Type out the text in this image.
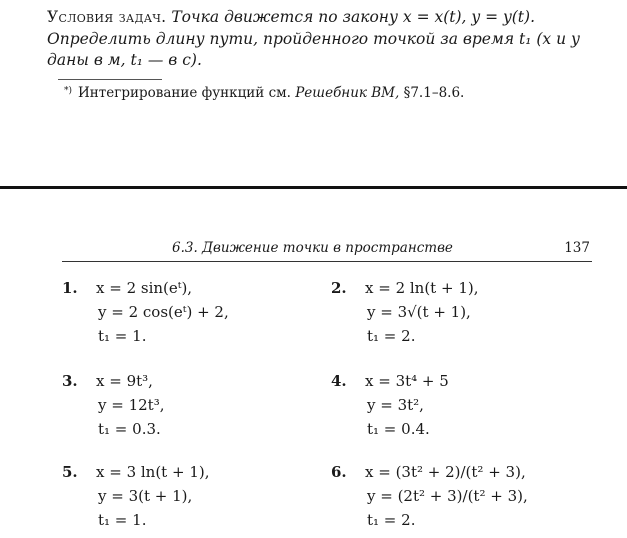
Условия задач. Точка движется по закону x = x(t), y = y(t). Определить длину пути, пройденного точкой за время t₁ (x и y даны в м, t₁ — в с).
*) Интегрирование функций см. Решебник ВМ, §7.1–8.6.
6.3. Движение точки в пространстве	137
1. x = 2 sin(eᵗ),
y = 2 cos(eᵗ) + 2,
t₁ = 1.
2. x = 2 ln(t + 1),
y = 3√(t + 1),
t₁ = 2.
3. x = 9t³,
y = 12t³,
t₁ = 0.3.
4. x = 3t⁴ + 5
y = 3t²,
t₁ = 0.4.
5. x = 3 ln(t + 1),
y = 3(t + 1),
t₁ = 1.
6. x = (3t² + 2)/(t² + 3),
y = (2t² + 3)/(t² + 3),
t₁ = 2.
